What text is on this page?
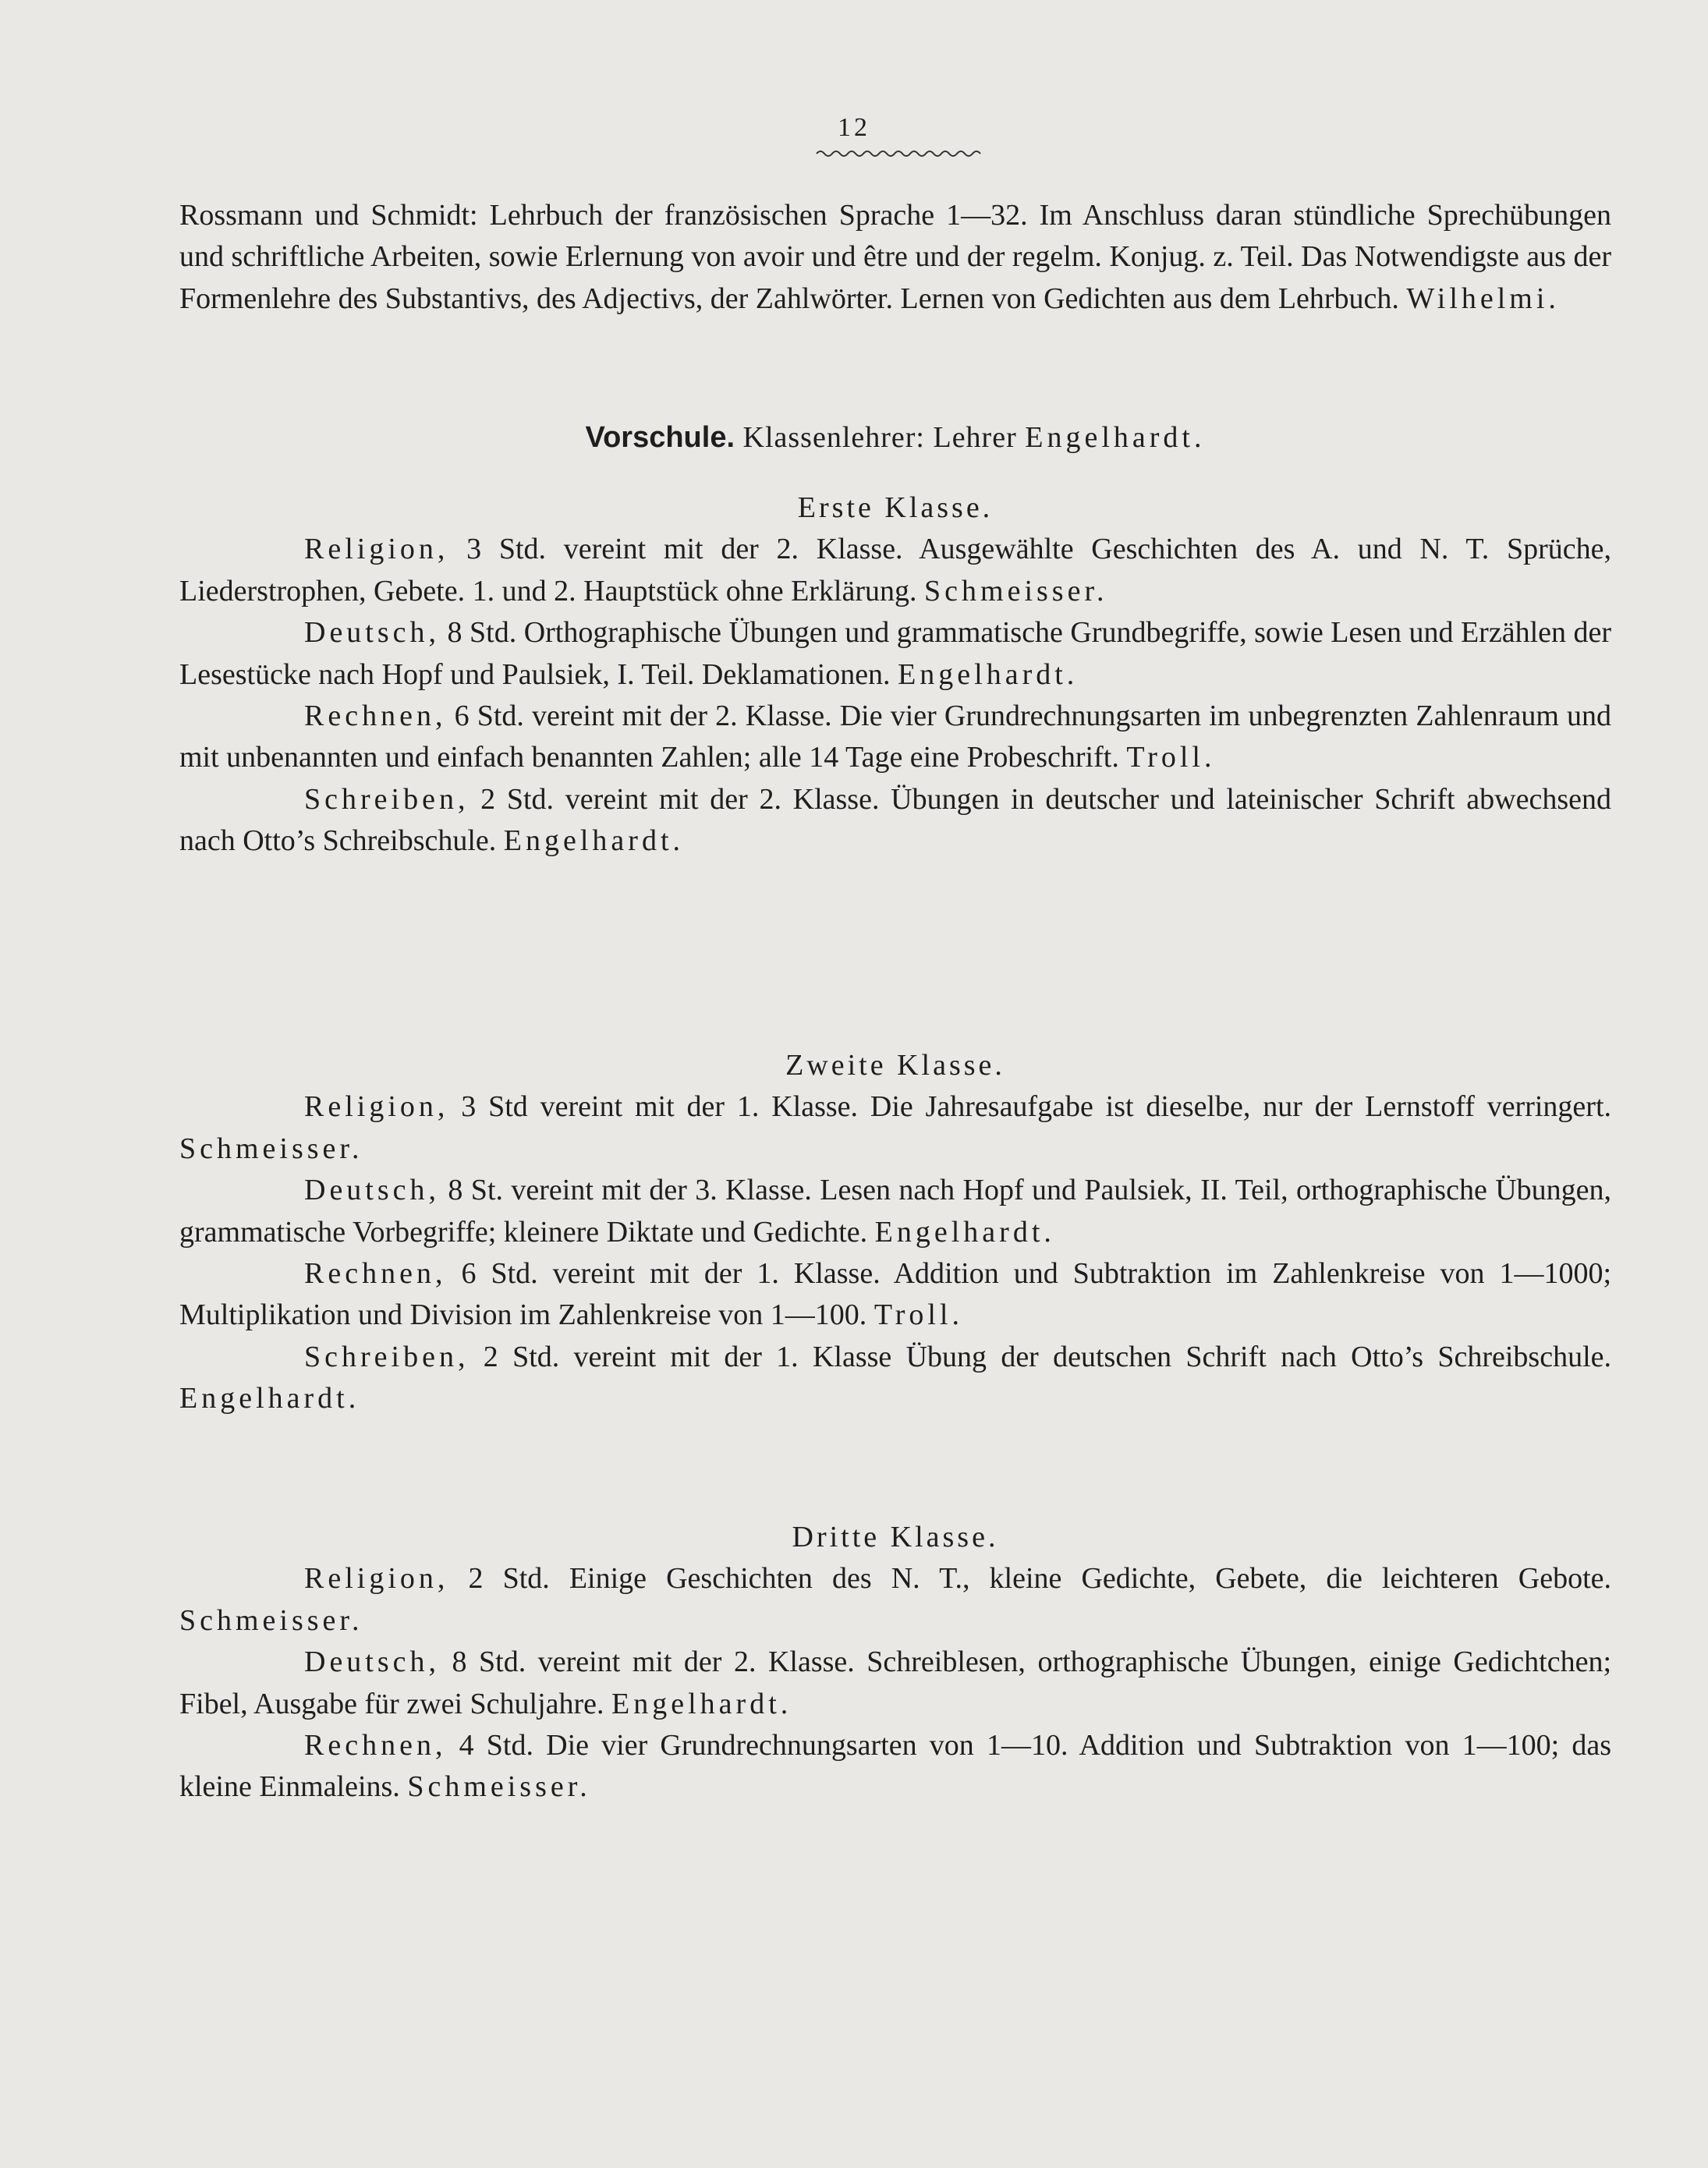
12

Rossmann und Schmidt: Lehrbuch der französischen Sprache 1—32. Im Anschluss daran stündliche Sprechübungen und schriftliche Arbeiten, sowie Erlernung von avoir und être und der regelm. Konjug. z. Teil. Das Notwendigste aus der Formenlehre des Substantivs, des Adjectivs, der Zahlwörter. Lernen von Gedichten aus dem Lehrbuch. Wilhelmi.

Vorschule. Klassenlehrer: Lehrer Engelhardt.

Erste Klasse.

Religion, 3 Std. vereint mit der 2. Klasse. Ausgewählte Geschichten des A. und N. T. Sprüche, Liederstrophen, Gebete. 1. und 2. Hauptstück ohne Erklärung. Schmeisser.

Deutsch, 8 Std. Orthographische Übungen und grammatische Grundbegriffe, sowie Lesen und Erzählen der Lesestücke nach Hopf und Paulsiek, I. Teil. Deklamationen. Engelhardt.

Rechnen, 6 Std. vereint mit der 2. Klasse. Die vier Grundrechnungsarten im unbegrenzten Zahlenraum und mit unbenannten und einfach benannten Zahlen; alle 14 Tage eine Probeschrift. Troll.

Schreiben, 2 Std. vereint mit der 2. Klasse. Übungen in deutscher und lateinischer Schrift abwechsend nach Otto’s Schreibschule. Engelhardt.

Zweite Klasse.

Religion, 3 Std vereint mit der 1. Klasse. Die Jahresaufgabe ist dieselbe, nur der Lernstoff verringert. Schmeisser.

Deutsch, 8 St. vereint mit der 3. Klasse. Lesen nach Hopf und Paulsiek, II. Teil, orthographische Übungen, grammatische Vorbegriffe; kleinere Diktate und Gedichte. Engelhardt.

Rechnen, 6 Std. vereint mit der 1. Klasse. Addition und Subtraktion im Zahlenkreise von 1—1000; Multiplikation und Division im Zahlenkreise von 1—100. Troll.

Schreiben, 2 Std. vereint mit der 1. Klasse Übung der deutschen Schrift nach Otto’s Schreibschule. Engelhardt.

Dritte Klasse.

Religion, 2 Std. Einige Geschichten des N. T., kleine Gedichte, Gebete, die leichteren Gebote. Schmeisser.

Deutsch, 8 Std. vereint mit der 2. Klasse. Schreiblesen, orthographische Übungen, einige Gedichtchen; Fibel, Ausgabe für zwei Schuljahre. Engelhardt.

Rechnen, 4 Std. Die vier Grundrechnungsarten von 1—10. Addition und Subtraktion von 1—100; das kleine Einmaleins. Schmeisser.
